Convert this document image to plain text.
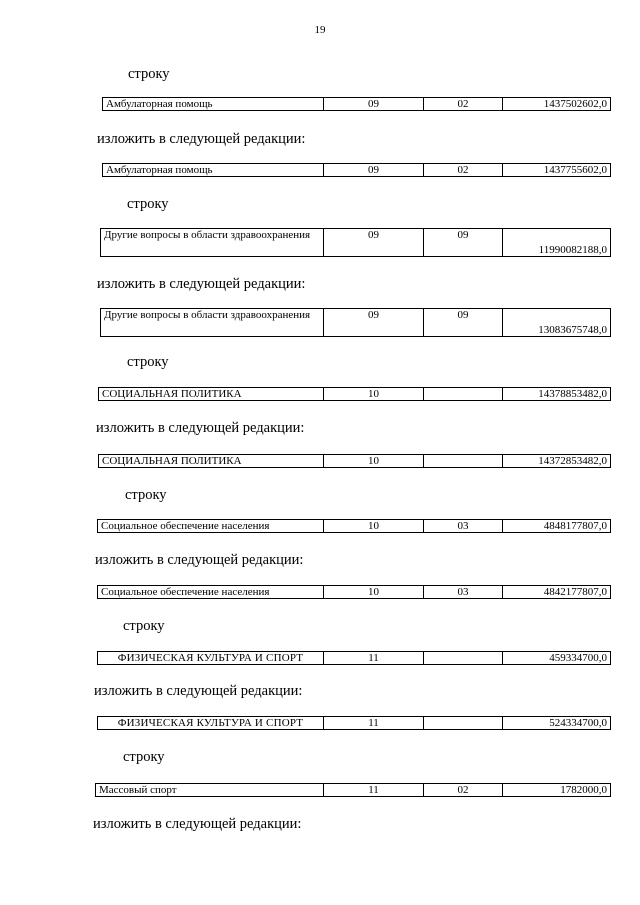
19
строку
Амбулаторная помощь	09	02	1437502602,0
изложить в следующей редакции:
Амбулаторная помощь	09	02	1437755602,0
строку
Другие вопросы в области здравоохранения	09	09	11990082188,0
изложить в следующей редакции:
Другие вопросы в области здравоохранения	09	09	13083675748,0
строку
СОЦИАЛЬНАЯ ПОЛИТИКА	10		14378853482,0
изложить в следующей редакции:
СОЦИАЛЬНАЯ ПОЛИТИКА	10		14372853482,0
строку
Социальное обеспечение населения	10	03	4848177807,0
изложить в следующей редакции:
Социальное обеспечение населения	10	03	4842177807,0
строку
ФИЗИЧЕСКАЯ КУЛЬТУРА И СПОРТ	11		459334700,0
изложить в следующей редакции:
ФИЗИЧЕСКАЯ КУЛЬТУРА И СПОРТ	11		524334700,0
строку
Массовый спорт	11	02	1782000,0
изложить в следующей редакции:
